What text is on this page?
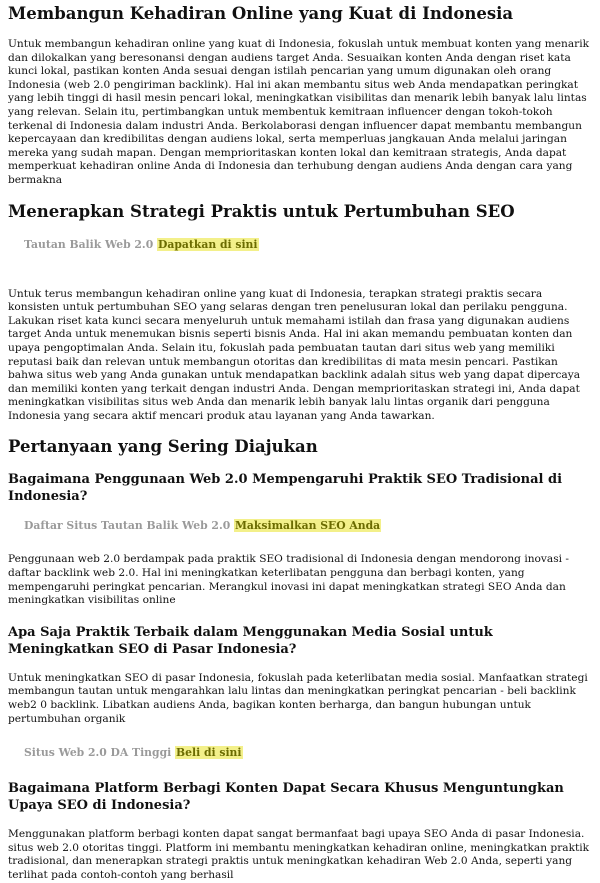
Membangun Kehadiran Online yang Kuat di Indonesia

Untuk membangun kehadiran online yang kuat di Indonesia, fokuslah untuk membuat konten yang menarik dan dilokalkan yang beresonansi dengan audiens target Anda. Sesuaikan konten Anda dengan riset kata kunci lokal, pastikan konten Anda sesuai dengan istilah pencarian yang umum digunakan oleh orang Indonesia (web 2.0 pengiriman backlink). Hal ini akan membantu situs web Anda mendapatkan peringkat yang lebih tinggi di hasil mesin pencari lokal, meningkatkan visibilitas dan menarik lebih banyak lalu lintas yang relevan. Selain itu, pertimbangkan untuk membentuk kemitraan influencer dengan tokoh-tokoh terkenal di Indonesia dalam industri Anda. Berkolaborasi dengan influencer dapat membantu membangun kepercayaan dan kredibilitas dengan audiens lokal, serta memperluas jangkauan Anda melalui jaringan mereka yang sudah mapan. Dengan memprioritaskan konten lokal dan kemitraan strategis, Anda dapat memperkuat kehadiran online Anda di Indonesia dan terhubung dengan audiens Anda dengan cara yang bermakna

Menerapkan Strategi Praktis untuk Pertumbuhan SEO
Tautan Balik Web 2.0 Dapatkan di sini

Untuk terus membangun kehadiran online yang kuat di Indonesia, terapkan strategi praktis secara konsisten untuk pertumbuhan SEO yang selaras dengan tren penelusuran lokal dan perilaku pengguna. Lakukan riset kata kunci secara menyeluruh untuk memahami istilah dan frasa yang digunakan audiens target Anda untuk menemukan bisnis seperti bisnis Anda. Hal ini akan memandu pembuatan konten dan upaya pengoptimalan Anda. Selain itu, fokuslah pada pembuatan tautan dari situs web yang memiliki reputasi baik dan relevan untuk membangun otoritas dan kredibilitas di mata mesin pencari. Pastikan bahwa situs web yang Anda gunakan untuk mendapatkan backlink adalah situs web yang dapat dipercaya dan memiliki konten yang terkait dengan industri Anda. Dengan memprioritaskan strategi ini, Anda dapat meningkatkan visibilitas situs web Anda dan menarik lebih banyak lalu lintas organik dari pengguna Indonesia yang secara aktif mencari produk atau layanan yang Anda tawarkan.

Pertanyaan yang Sering Diajukan
Bagaimana Penggunaan Web 2.0 Mempengaruhi Praktik SEO Tradisional di Indonesia?
Daftar Situs Tautan Balik Web 2.0 Maksimalkan SEO Anda

Penggunaan web 2.0 berdampak pada praktik SEO tradisional di Indonesia dengan mendorong inovasi - daftar backlink web 2.0. Hal ini meningkatkan keterlibatan pengguna dan berbagi konten, yang mempengaruhi peringkat pencarian. Merangkul inovasi ini dapat meningkatkan strategi SEO Anda dan meningkatkan visibilitas online

Apa Saja Praktik Terbaik dalam Menggunakan Media Sosial untuk Meningkatkan SEO di Pasar Indonesia?

Untuk meningkatkan SEO di pasar Indonesia, fokuslah pada keterlibatan media sosial. Manfaatkan strategi membangun tautan untuk mengarahkan lalu lintas dan meningkatkan peringkat pencarian - beli backlink web2 0 backlink. Libatkan audiens Anda, bagikan konten berharga, dan bangun hubungan untuk pertumbuhan organik

Situs Web 2.0 DA Tinggi Beli di sini
Bagaimana Platform Berbagi Konten Dapat Secara Khusus Menguntungkan Upaya SEO di Indonesia?

Menggunakan platform berbagi konten dapat sangat bermanfaat bagi upaya SEO Anda di pasar Indonesia. situs web 2.0 otoritas tinggi. Platform ini membantu meningkatkan kehadiran online, meningkatkan praktik tradisional, dan menerapkan strategi praktis untuk meningkatkan kehadiran Web 2.0 Anda, seperti yang terlihat pada contoh-contoh yang berhasil
